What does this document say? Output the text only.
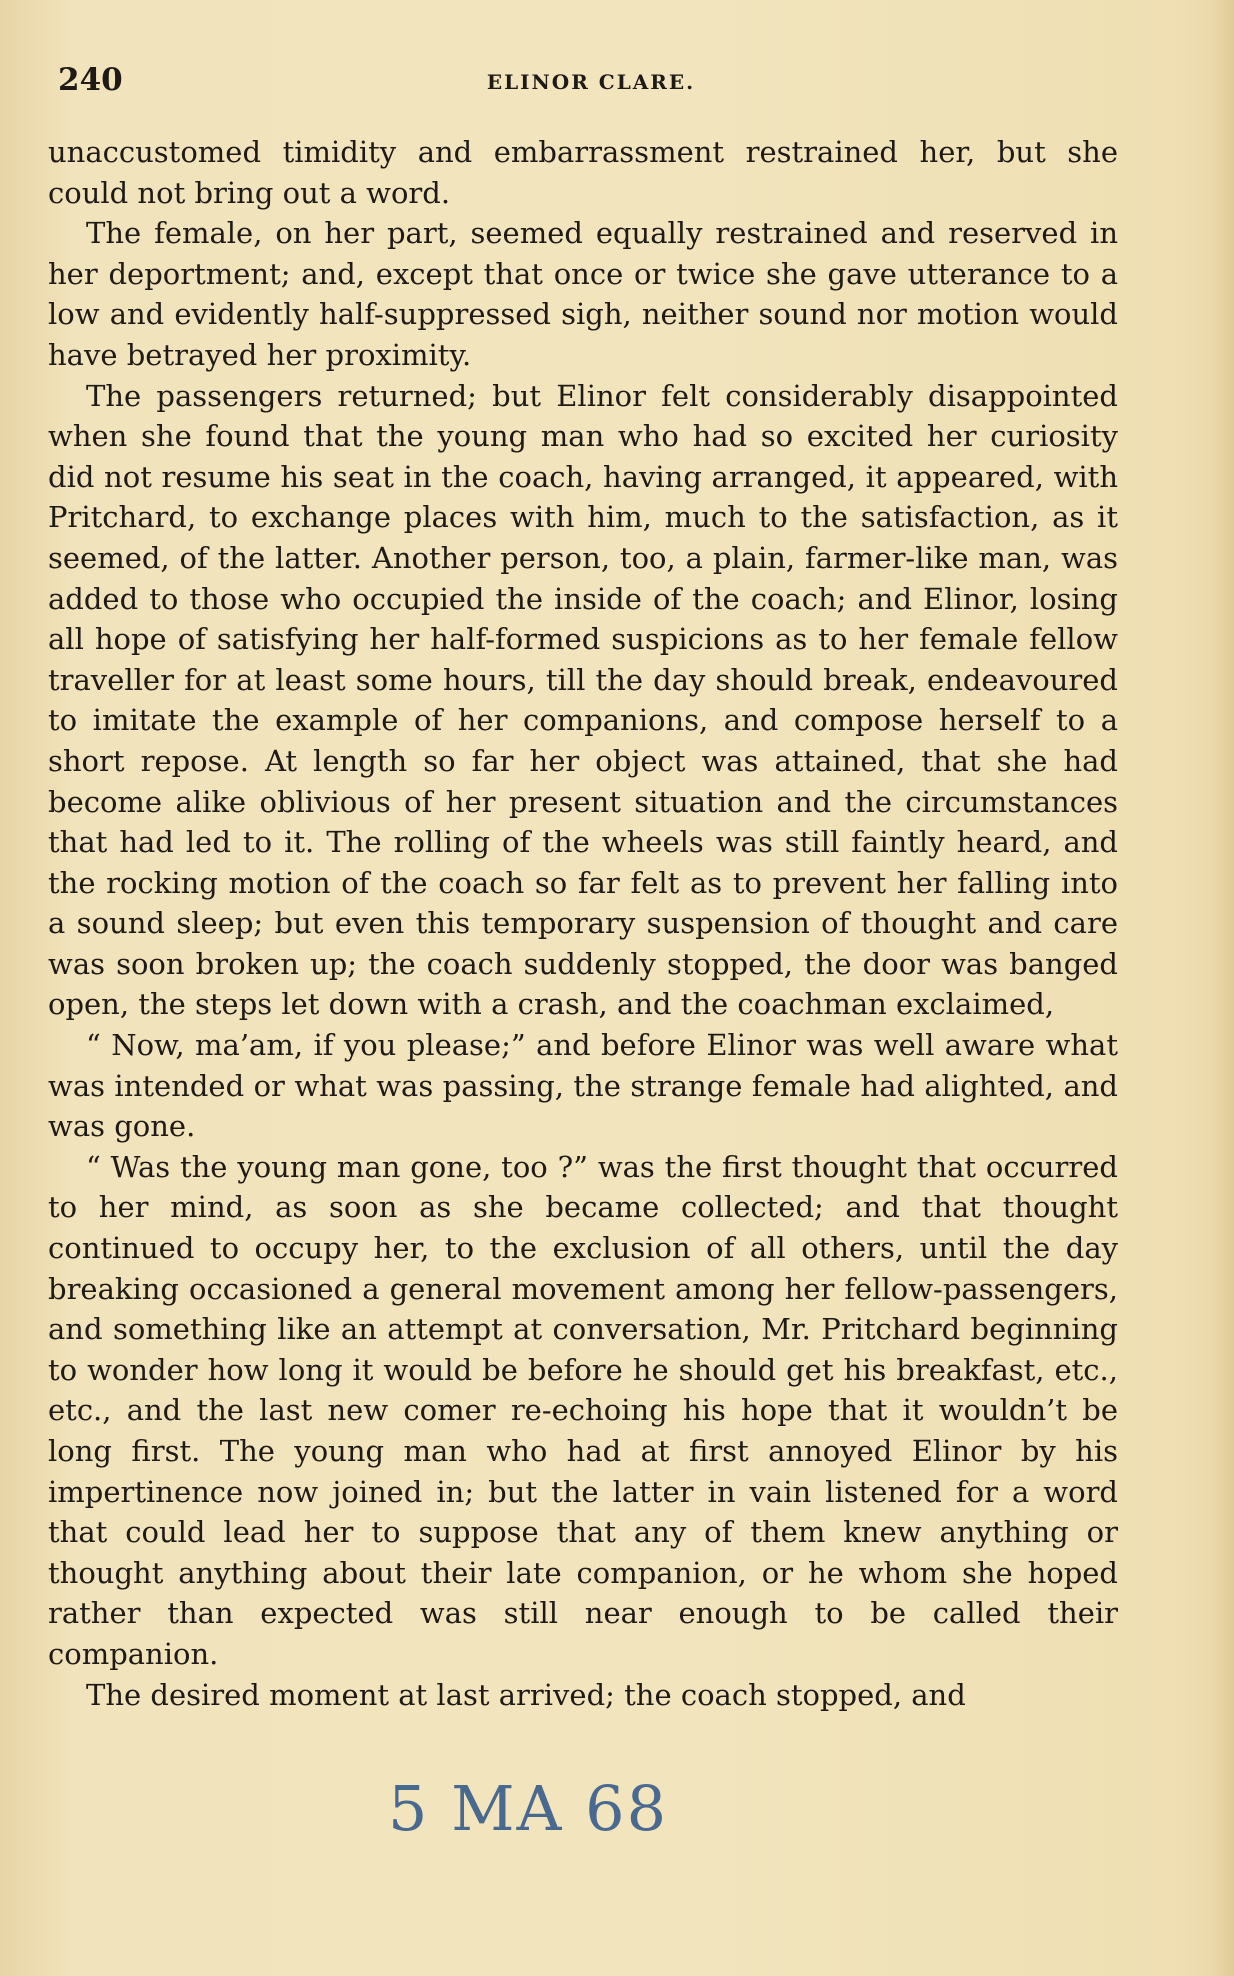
240	ELINOR CLARE.

unaccustomed timidity and embarrassment restrained her, but she could not bring out a word.

The female, on her part, seemed equally restrained and reserved in her deportment; and, except that once or twice she gave utterance to a low and evidently half-suppressed sigh, neither sound nor motion would have betrayed her proximity.

The passengers returned; but Elinor felt considerably disappointed when she found that the young man who had so excited her curiosity did not resume his seat in the coach, having arranged, it appeared, with Pritchard, to exchange places with him, much to the satisfaction, as it seemed, of the latter. Another person, too, a plain, farmer-like man, was added to those who occupied the inside of the coach; and Elinor, losing all hope of satisfying her half-formed suspicions as to her female fellow traveller for at least some hours, till the day should break, endeavoured to imitate the example of her companions, and compose herself to a short repose. At length so far her object was attained, that she had become alike oblivious of her present situation and the circumstances that had led to it. The rolling of the wheels was still faintly heard, and the rocking motion of the coach so far felt as to prevent her falling into a sound sleep; but even this temporary suspension of thought and care was soon broken up; the coach suddenly stopped, the door was banged open, the steps let down with a crash, and the coachman exclaimed,

“ Now, ma’am, if you please;” and before Elinor was well aware what was intended or what was passing, the strange female had alighted, and was gone.

“ Was the young man gone, too ?” was the first thought that occurred to her mind, as soon as she became collected; and that thought continued to occupy her, to the exclusion of all others, until the day breaking occasioned a general movement among her fellow-passengers, and something like an attempt at conversation, Mr. Pritchard beginning to wonder how long it would be before he should get his breakfast, etc., etc., and the last new comer re-echoing his hope that it wouldn’t be long first. The young man who had at first annoyed Elinor by his impertinence now joined in; but the latter in vain listened for a word that could lead her to suppose that any of them knew anything or thought anything about their late companion, or he whom she hoped rather than expected was still near enough to be called their companion.

The desired moment at last arrived; the coach stopped, and

5 MA 68
